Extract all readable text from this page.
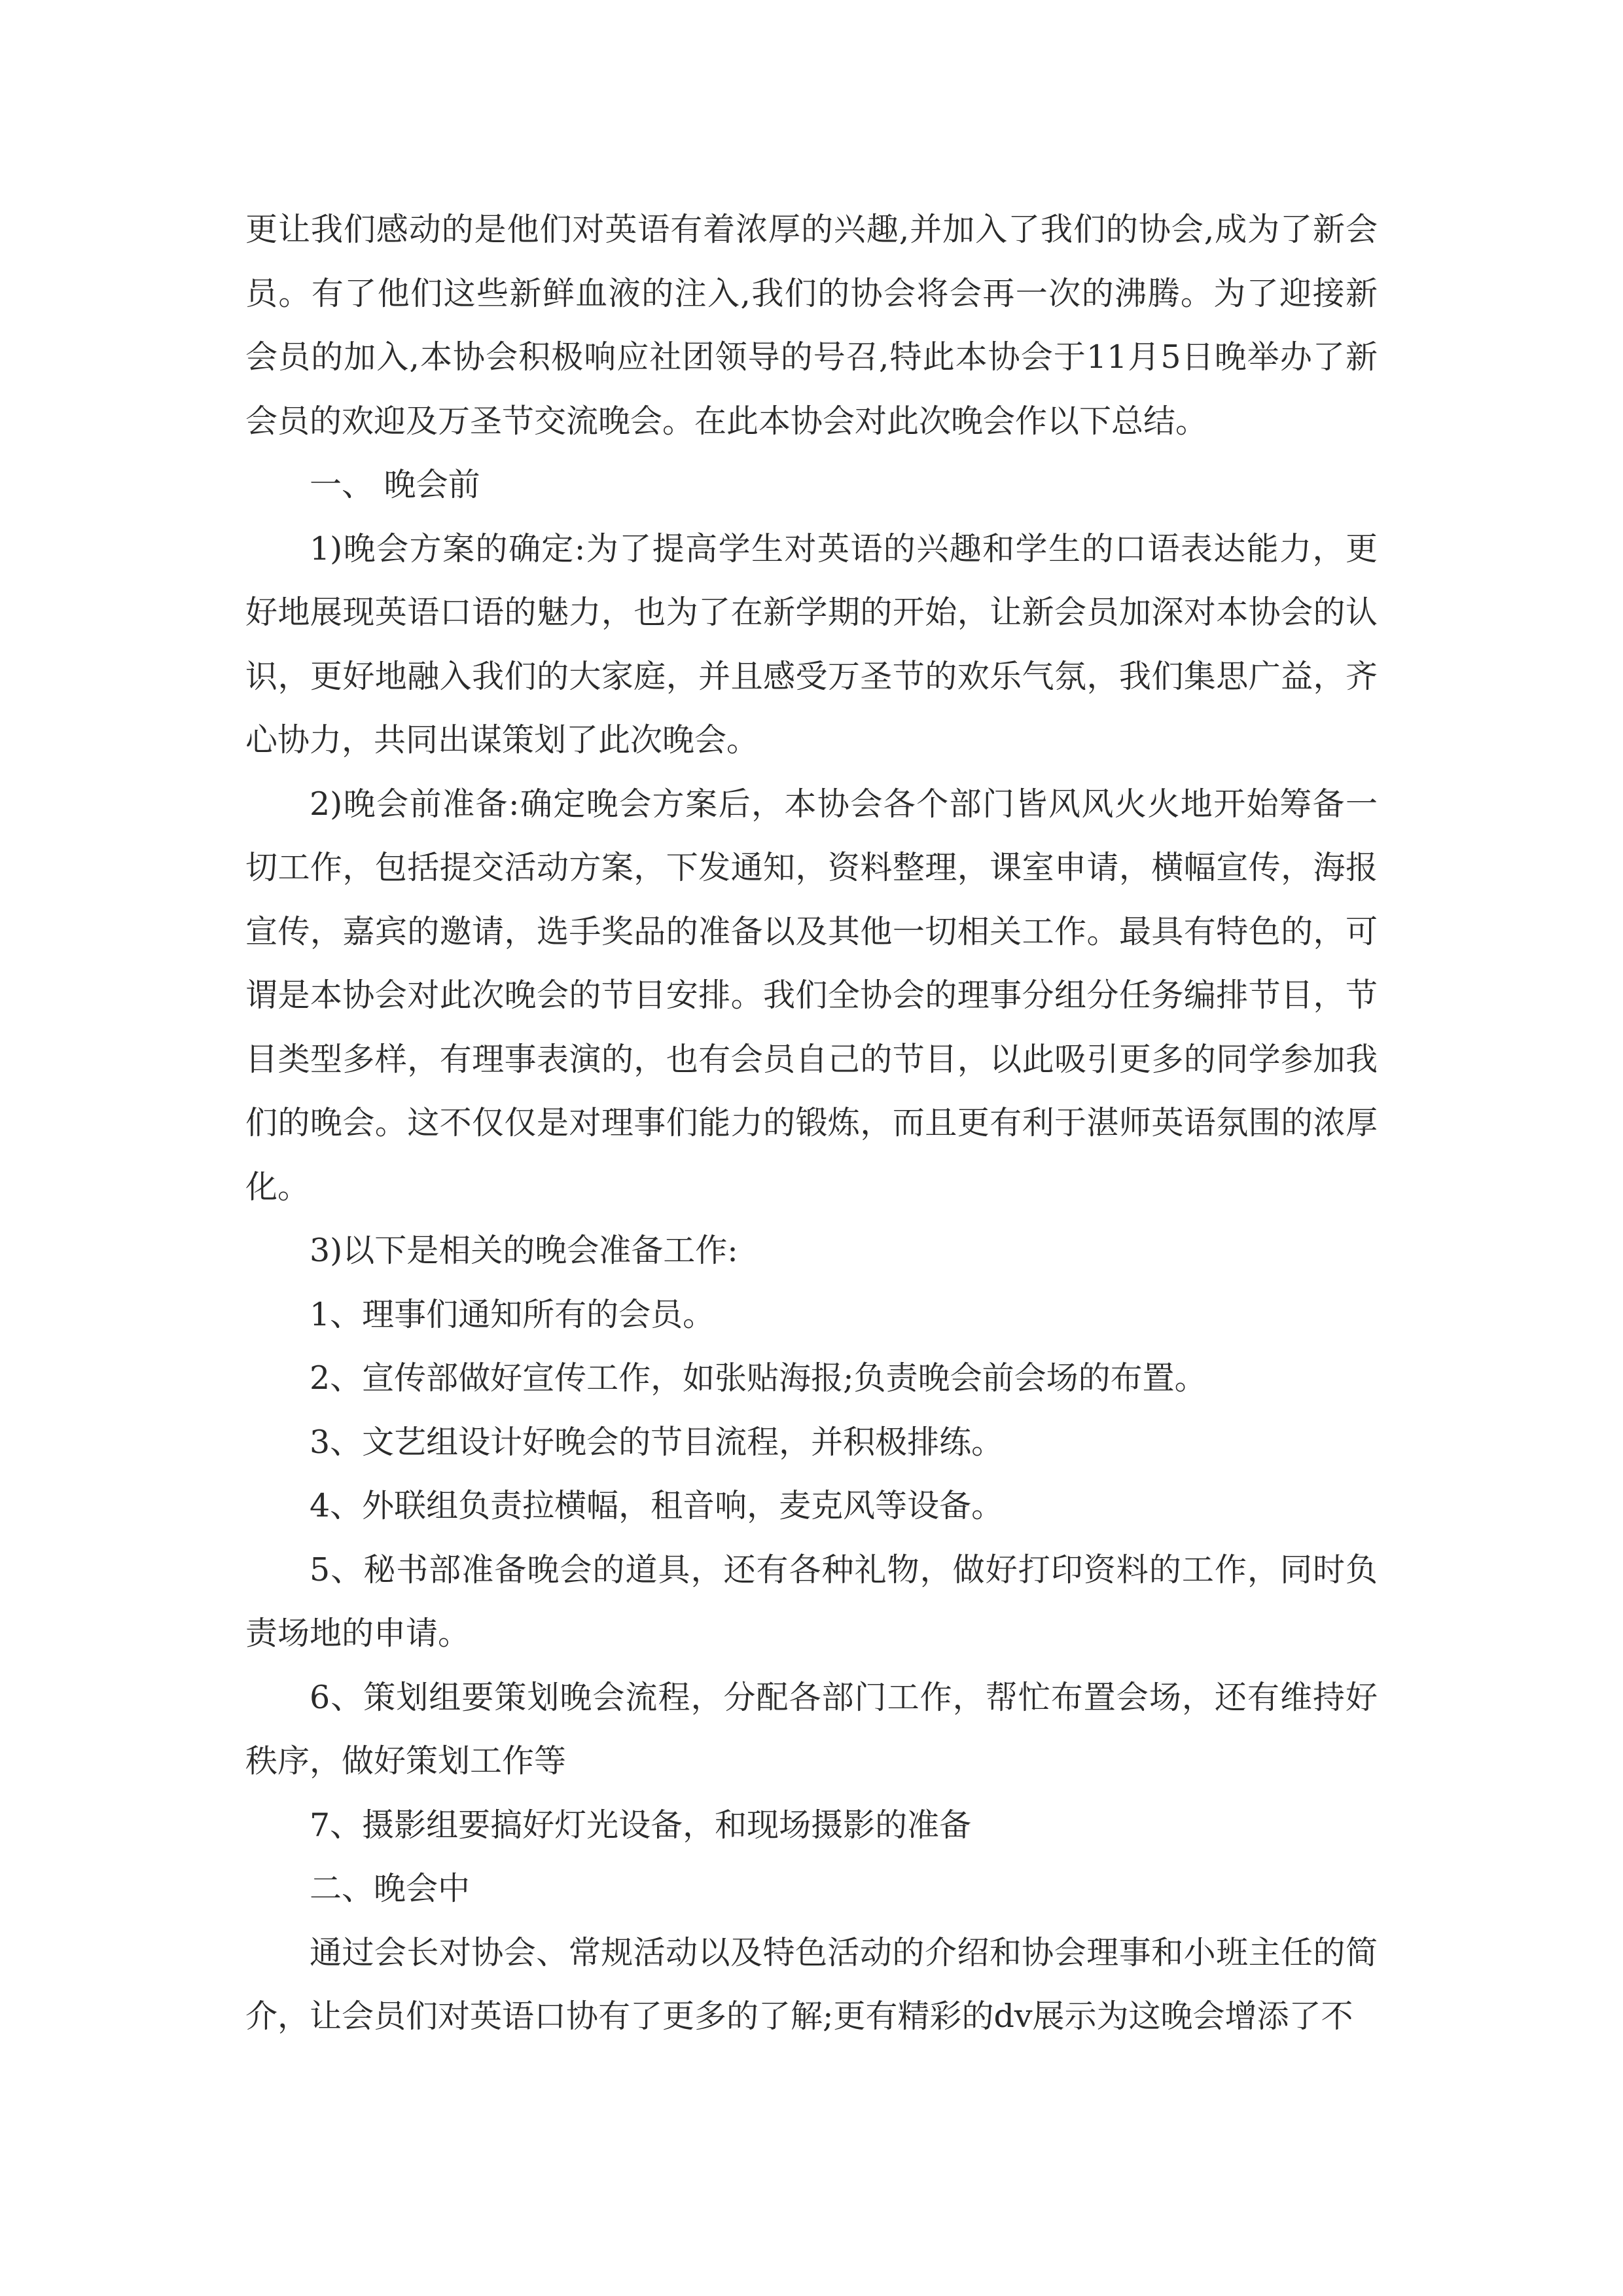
更让我们感动的是他们对英语有着浓厚的兴趣,并加入了我们的协会,成为了新会员。有了他们这些新鲜血液的注入,我们的协会将会再一次的沸腾。为了迎接新会员的加入,本协会积极响应社团领导的号召,特此本协会于11月5日晚举办了新会员的欢迎及万圣节交流晚会。在此本协会对此次晚会作以下总结。

一、 晚会前

1)晚会方案的确定:为了提高学生对英语的兴趣和学生的口语表达能力，更好地展现英语口语的魅力，也为了在新学期的开始，让新会员加深对本协会的认识，更好地融入我们的大家庭，并且感受万圣节的欢乐气氛，我们集思广益，齐心协力，共同出谋策划了此次晚会。

2)晚会前准备:确定晚会方案后，本协会各个部门皆风风火火地开始筹备一切工作，包括提交活动方案，下发通知，资料整理，课室申请，横幅宣传，海报宣传，嘉宾的邀请，选手奖品的准备以及其他一切相关工作。最具有特色的，可谓是本协会对此次晚会的节目安排。我们全协会的理事分组分任务编排节目，节目类型多样，有理事表演的，也有会员自己的节目，以此吸引更多的同学参加我们的晚会。这不仅仅是对理事们能力的锻炼，而且更有利于湛师英语氛围的浓厚化。

3)以下是相关的晚会准备工作:

1、理事们通知所有的会员。

2、宣传部做好宣传工作，如张贴海报;负责晚会前会场的布置。

3、文艺组设计好晚会的节目流程，并积极排练。

4、外联组负责拉横幅，租音响，麦克风等设备。

5、秘书部准备晚会的道具，还有各种礼物，做好打印资料的工作，同时负责场地的申请。

6、策划组要策划晚会流程，分配各部门工作，帮忙布置会场，还有维持好秩序，做好策划工作等

7、摄影组要搞好灯光设备，和现场摄影的准备

二、晚会中

通过会长对协会、常规活动以及特色活动的介绍和协会理事和小班主任的简介，让会员们对英语口协有了更多的了解;更有精彩的dv展示为这晚会增添了不
